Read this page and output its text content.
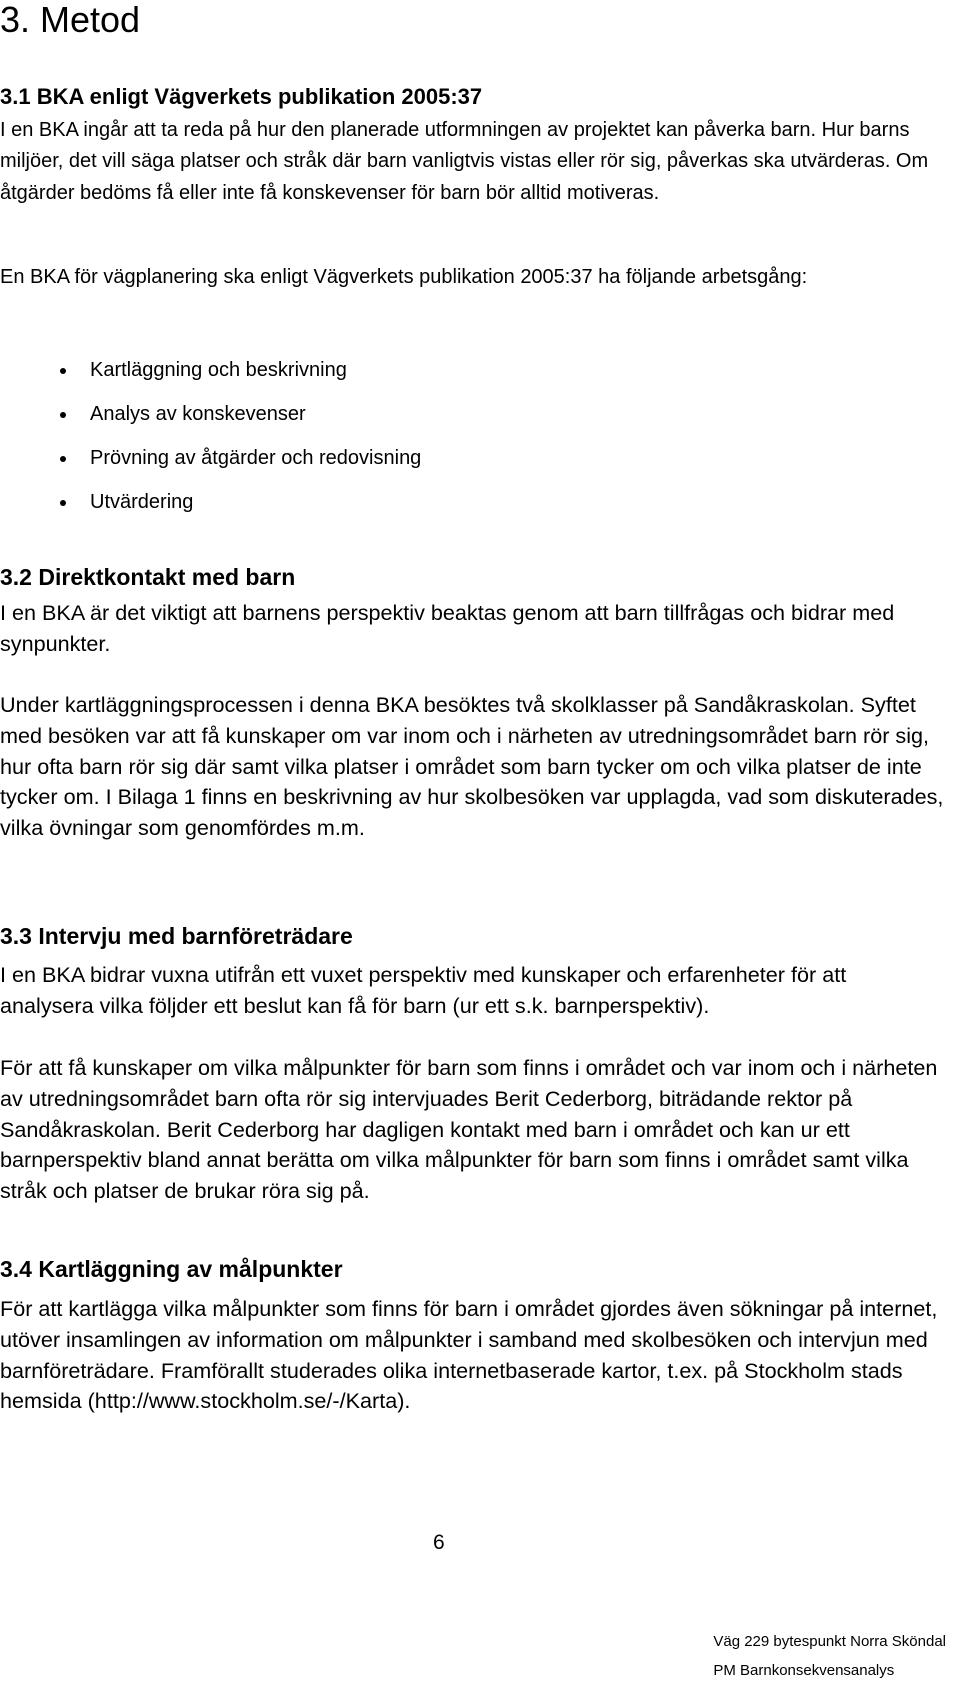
3. Metod
3.1 BKA enligt Vägverkets publikation 2005:37

I en BKA ingår att ta reda på hur den planerade utformningen av projektet kan påverka barn. Hur barns miljöer, det vill säga platser och stråk där barn vanligtvis vistas eller rör sig, påverkas ska utvärderas. Om åtgärder bedöms få eller inte få konskevenser för barn bör alltid motiveras.

En BKA för vägplanering ska enligt Vägverkets publikation 2005:37 ha följande arbetsgång:

Kartläggning och beskrivning
Analys av konskevenser
Prövning av åtgärder och redovisning
Utvärdering
3.2 Direktkontakt med barn

I en BKA är det viktigt att barnens perspektiv beaktas genom att barn tillfrågas och bidrar med synpunkter.

Under kartläggningsprocessen i denna BKA besöktes två skolklasser på Sandåkraskolan. Syftet med besöken var att få kunskaper om var inom och i närheten av utredningsområdet barn rör sig, hur ofta barn rör sig där samt vilka platser i området som barn tycker om och vilka platser de inte tycker om. I Bilaga 1 finns en beskrivning av hur skolbesöken var upplagda, vad som diskuterades, vilka övningar som genomfördes m.m.

3.3 Intervju med barnföreträdare

I en BKA bidrar vuxna utifrån ett vuxet perspektiv med kunskaper och erfarenheter för att analysera vilka följder ett beslut kan få för barn (ur ett s.k. barnperspektiv).

För att få kunskaper om vilka målpunkter för barn som finns i området och var inom och i närheten av utredningsområdet barn ofta rör sig intervjuades Berit Cederborg, biträdande rektor på Sandåkraskolan. Berit Cederborg har dagligen kontakt med barn i området och kan ur ett barnperspektiv bland annat berätta om vilka målpunkter för barn som finns i området samt vilka stråk och platser de brukar röra sig på.

3.4 Kartläggning av målpunkter

För att kartlägga vilka målpunkter som finns för barn i området gjordes även sökningar på internet, utöver insamlingen av information om målpunkter i samband med skolbesöken och intervjun med barnföreträdare. Framförallt studerades olika internetbaserade kartor, t.ex. på Stockholm stads hemsida (http://www.stockholm.se/-/Karta).

6
Väg 229 bytespunkt Norra Sköndal
PM Barnkonsekvensanalys
